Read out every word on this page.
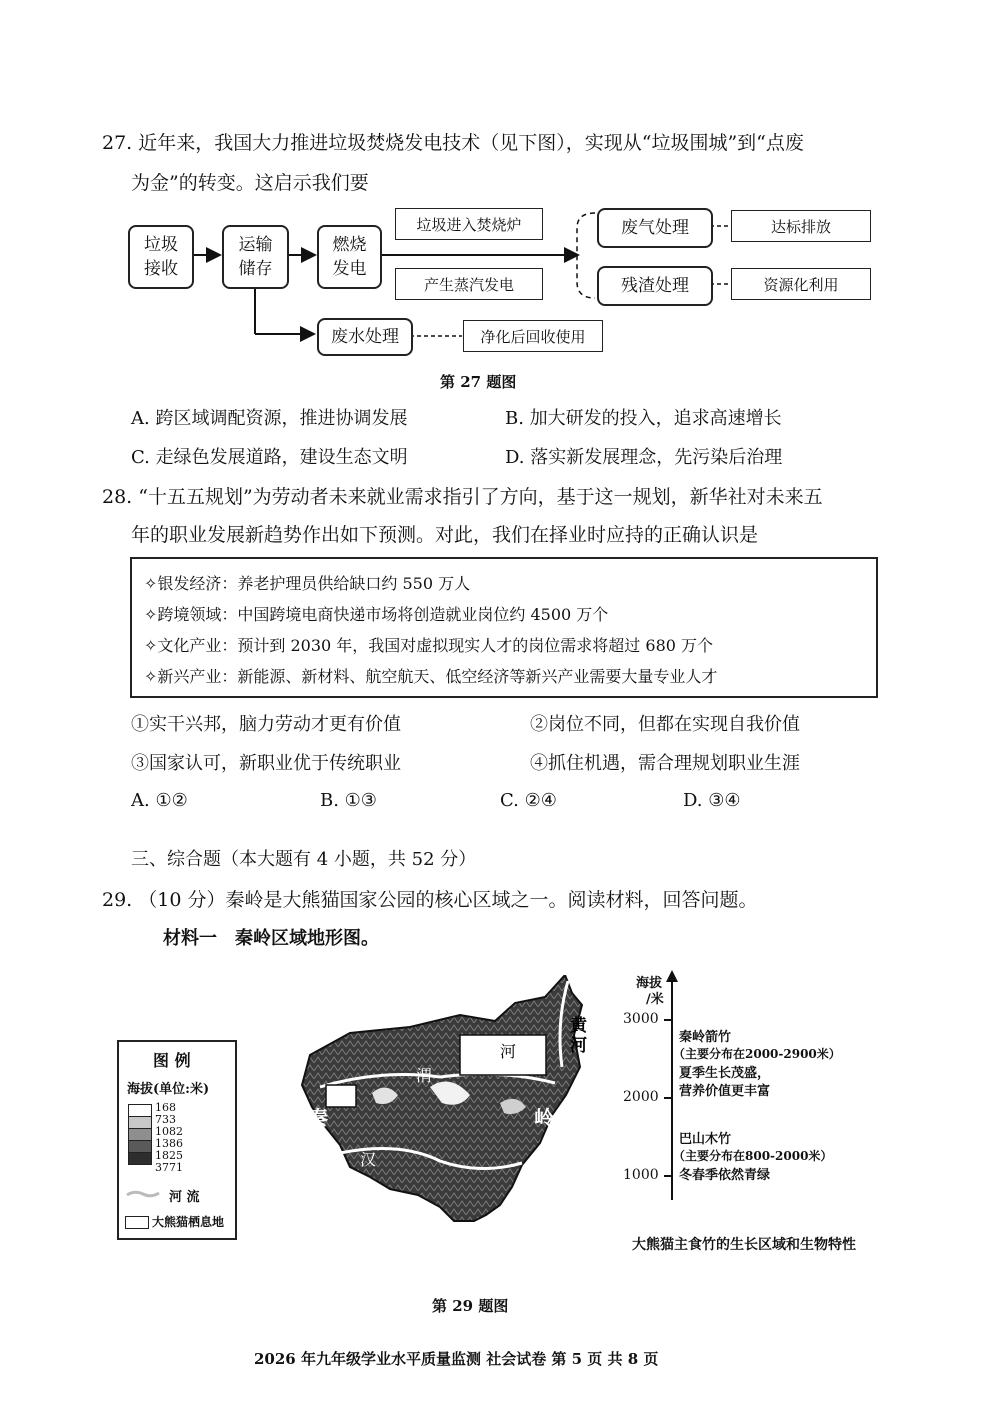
27. 近年来，我国大力推进垃圾焚烧发电技术（见下图），实现从“垃圾围城”到“点废
为金”的转变。这启示我们要
垃圾
接收
运输
储存
燃烧
发电
垃圾进入焚烧炉
产生蒸汽发电
废气处理
残渣处理
达标排放
资源化利用
废水处理	净化后回收使用
第 27 题图
A. 跨区域调配资源，推进协调发展	B. 加大研发的投入，追求高速增长
C. 走绿色发展道路，建设生态文明	D. 落实新发展理念，先污染后治理
28. “十五五规划”为劳动者未来就业需求指引了方向，基于这一规划，新华社对未来五
年的职业发展新趋势作出如下预测。对此，我们在择业时应持的正确认识是
✧银发经济：养老护理员供给缺口约 550 万人
✧跨境领域：中国跨境电商快递市场将创造就业岗位约 4500 万个
✧文化产业：预计到 2030 年，我国对虚拟现实人才的岗位需求将超过 680 万个
✧新兴产业：新能源、新材料、航空航天、低空经济等新兴产业需要大量专业人才
①实干兴邦，脑力劳动才更有价值	②岗位不同，但都在实现自我价值
③国家认可，新职业优于传统职业	④抓住机遇，需合理规划职业生涯
A. ①②	B. ①③	C. ②④	D. ③④
三、综合题（本大题有 4 小题，共 52 分）
29. （10 分）秦岭是大熊猫国家公园的核心区域之一。阅读材料，回答问题。
材料一　秦岭区域地形图。
图 例
海拔(单位:米)
168
733
1082
1386
1825
3771
河 流
大熊猫栖息地
黄
河
河
渭
秦	岭
汉
海拔
/米
3000
2000
1000
秦岭箭竹
（主要分布在2000-2900米）
夏季生长茂盛，
营养价值更丰富
巴山木竹
（主要分布在800-2000米）
冬春季依然青绿
大熊猫主食竹的生长区域和生物特性
第 29 题图
2026 年九年级学业水平质量监测 社会试卷 第 5 页 共 8 页
